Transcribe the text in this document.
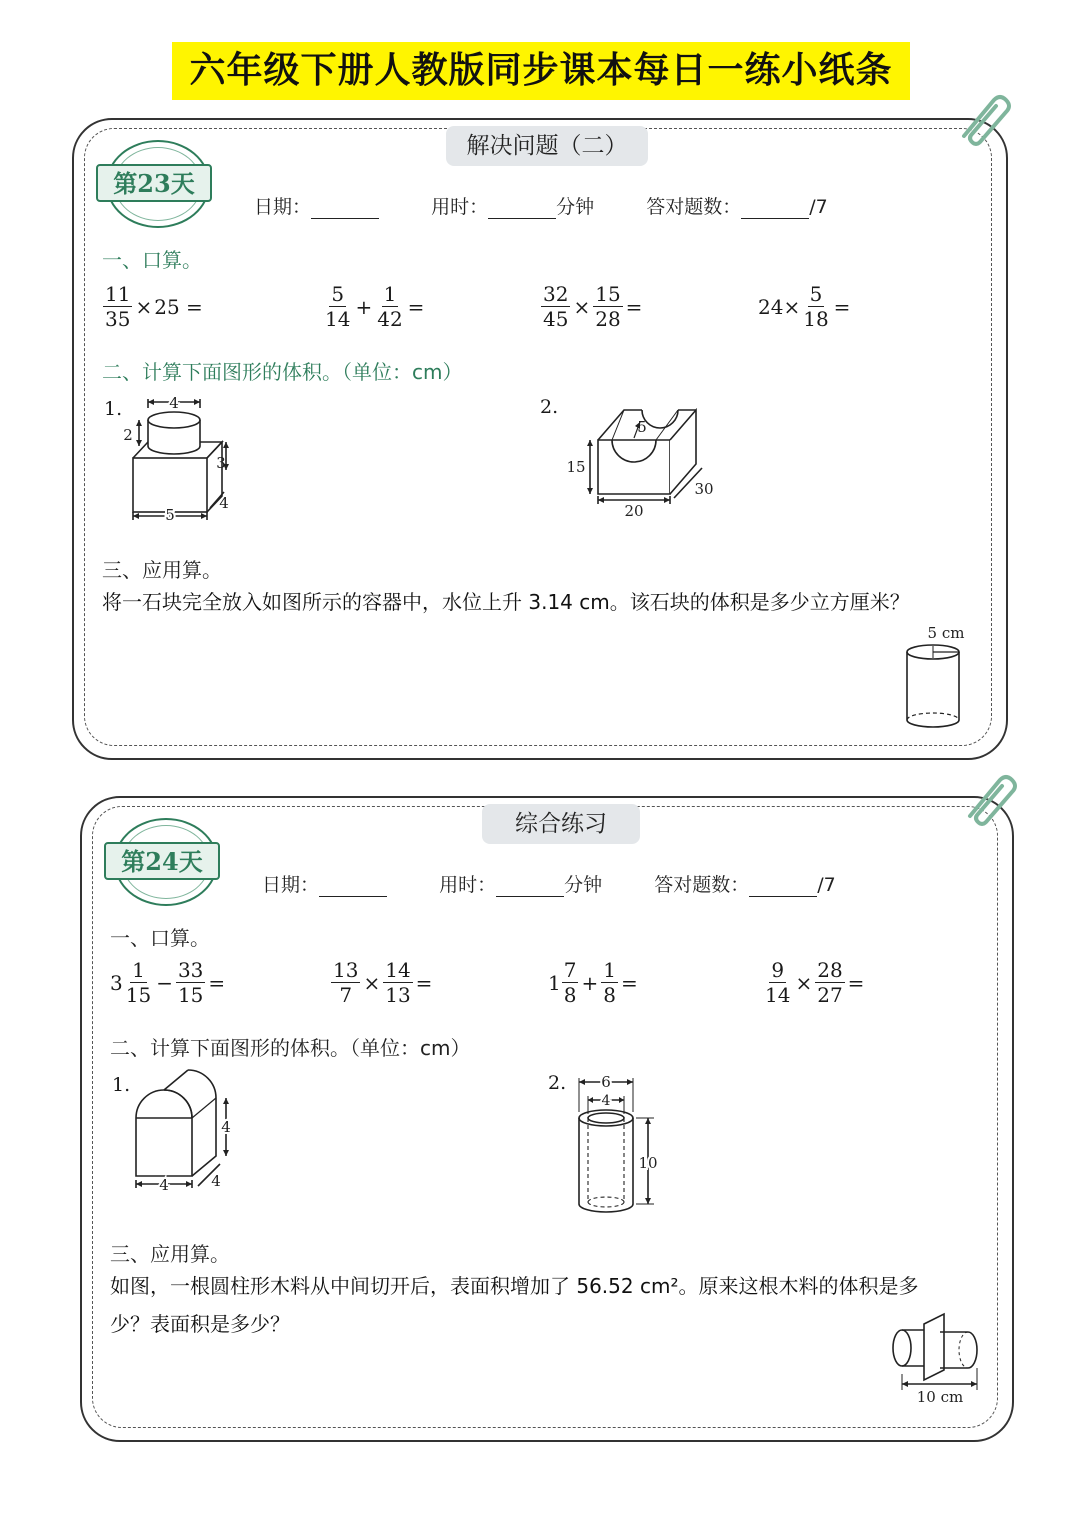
六年级下册人教版同步课本每日一练小纸条
解决问题（二）
第23天
日期：	用时：	分钟	答对题数：	/7
一、口算。
$\frac{11}{35} \times 25$ =	$\frac{5}{14} + \frac{1}{42}$ =	$\frac{32}{45} \times \frac{15}{28}$ =	$24\times \frac{5}{18}$ =
二、计算下面图形的体积。（单位：cm）
1.	2.
4
2
3
4
5
5
15
20
30
三、应用算。
将一石块完全放入如图所示的容器中，水位上升 3.14 cm。该石块的体积是多少立方厘米？
5 cm
综合练习
第24天
日期：	用时：	分钟	答对题数：	/7
一、口算。
$3 \frac{1}{15} - \frac{33}{15}$ =	$\frac{13}{7} \times \frac{14}{13}$ =	$1 \frac{7}{8} + \frac{1}{8}$ =	$\frac{9}{14} \times \frac{28}{27}$ =
二、计算下面图形的体积。（单位：cm）
1.	2.
4
4	4
6
4
10
三、应用算。
如图，一根圆柱形木料从中间切开后，表面积增加了 56.52 cm²。原来这根木料的体积是多
少？表面积是多少？
10 cm
